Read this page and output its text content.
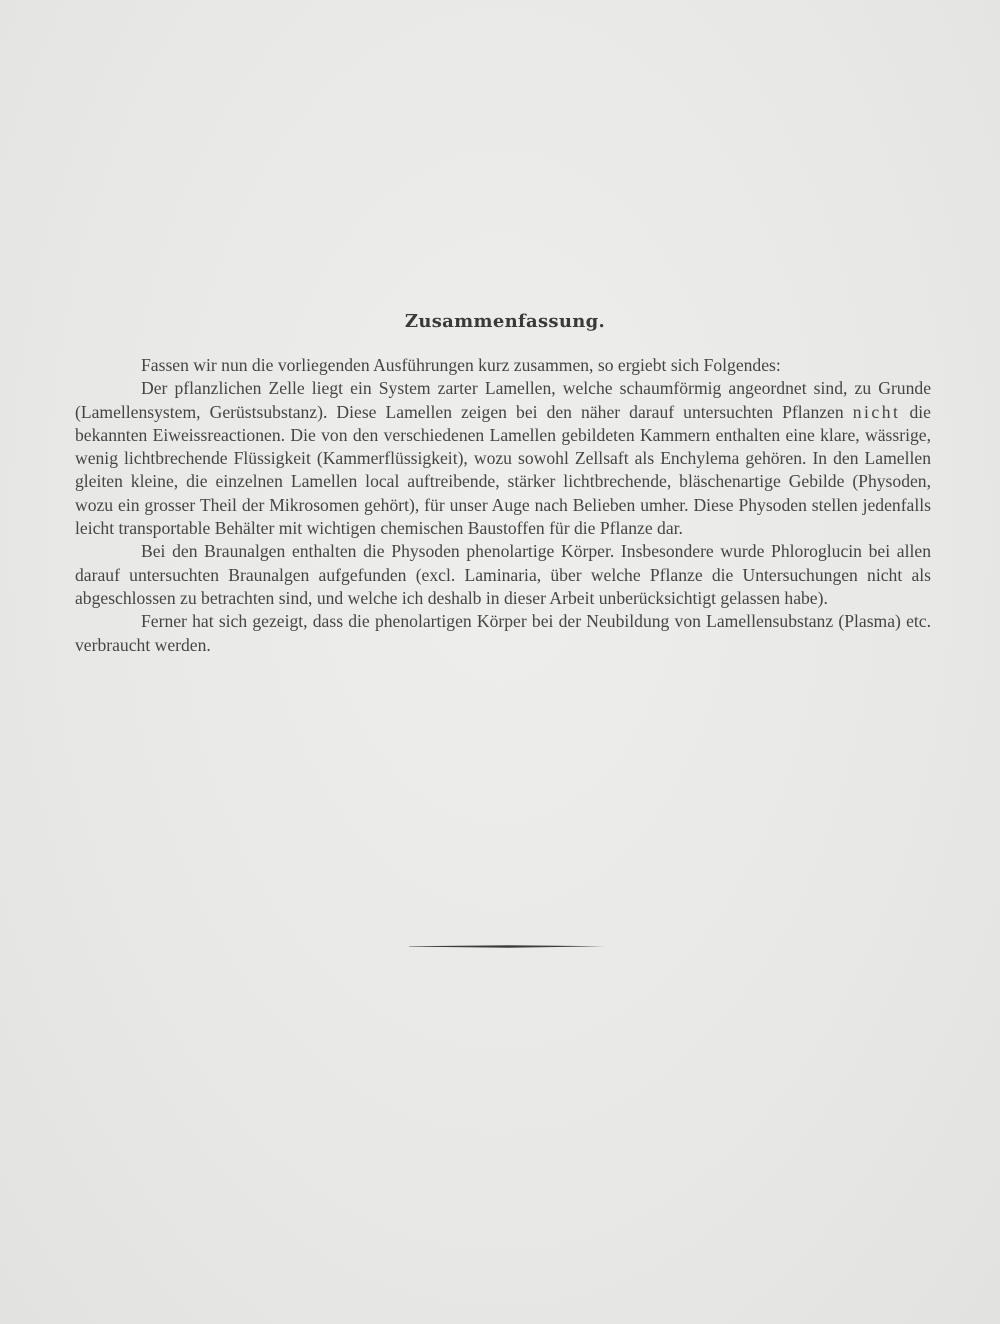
Zusammenfassung.

Fassen wir nun die vorliegenden Ausführungen kurz zusammen, so ergiebt sich Folgendes:

Der pflanzlichen Zelle liegt ein System zarter Lamellen, welche schaumförmig angeordnet sind, zu Grunde (Lamellensystem, Gerüstsubstanz). Diese Lamellen zeigen bei den näher darauf untersuchten Pflanzen nicht die bekannten Eiweissreactionen. Die von den verschiedenen Lamellen gebildeten Kammern enthalten eine klare, wässrige, wenig lichtbrechende Flüssigkeit (Kammerflüssigkeit), wozu sowohl Zellsaft als Enchylema gehören. In den Lamellen gleiten kleine, die einzelnen Lamellen local auftreibende, stärker lichtbrechende, bläschenartige Gebilde (Physoden, wozu ein grosser Theil der Mikrosomen gehört), für unser Auge nach Belieben umher. Diese Physoden stellen jedenfalls leicht transportable Behälter mit wichtigen chemischen Baustoffen für die Pflanze dar.

Bei den Braunalgen enthalten die Physoden phenolartige Körper. Insbesondere wurde Phloroglucin bei allen darauf untersuchten Braunalgen aufgefunden (excl. Laminaria, über welche Pflanze die Untersuchungen nicht als abgeschlossen zu betrachten sind, und welche ich deshalb in dieser Arbeit unberücksichtigt gelassen habe).

Ferner hat sich gezeigt, dass die phenolartigen Körper bei der Neubildung von Lamellensubstanz (Plasma) etc. verbraucht werden.
